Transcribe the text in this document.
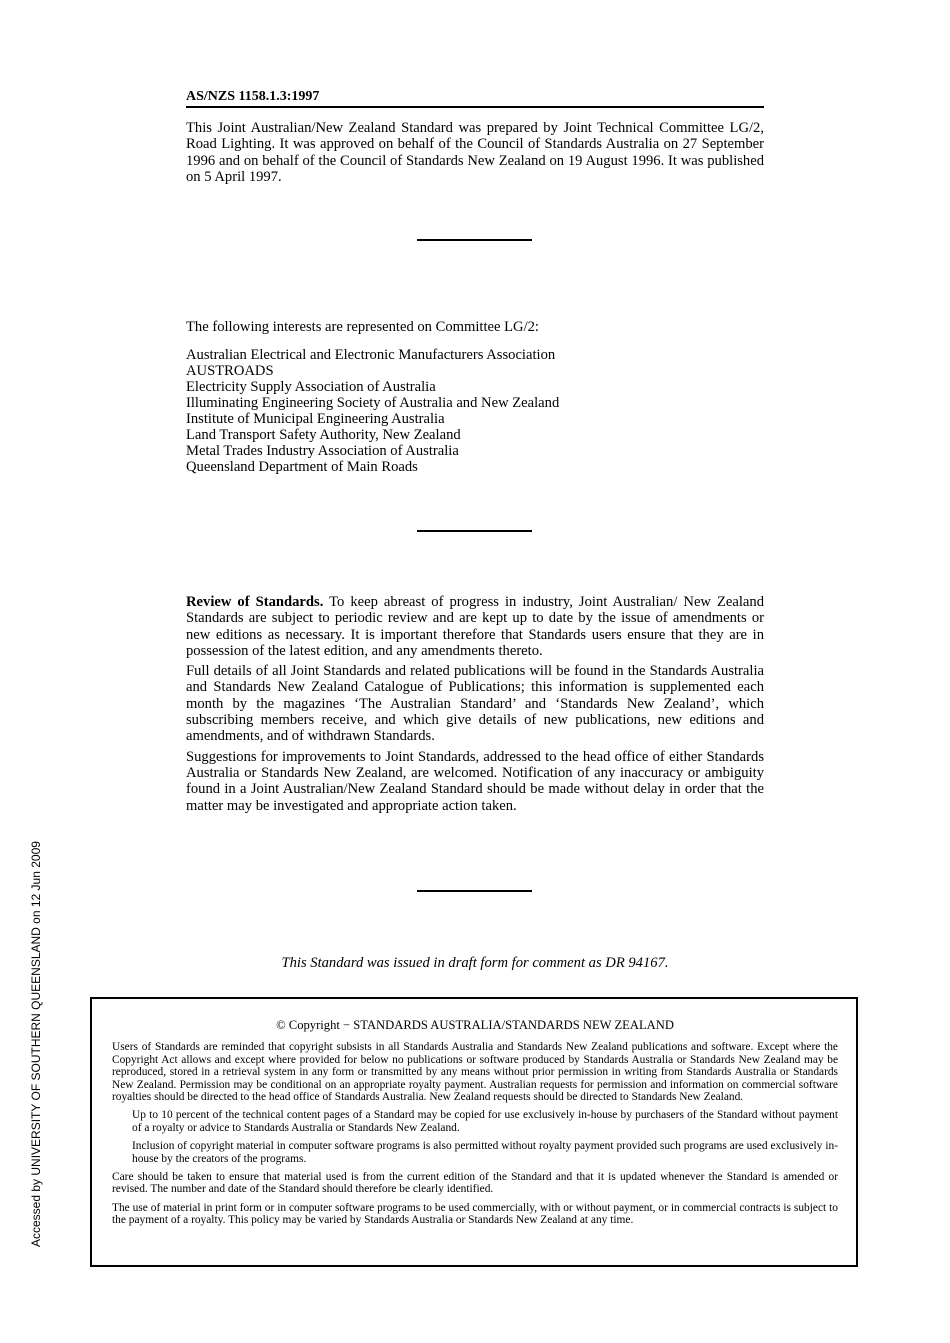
AS/NZS 1158.1.3:1997

This Joint Australian/New Zealand Standard was prepared by Joint Technical Committee LG/2, Road Lighting. It was approved on behalf of the Council of Standards Australia on 27 September 1996 and on behalf of the Council of Standards New Zealand on 19 August 1996. It was published on 5 April 1997.

The following interests are represented on Committee LG/2:

Australian Electrical and Electronic Manufacturers Association
AUSTROADS
Electricity Supply Association of Australia
Illuminating Engineering Society of Australia and New Zealand
Institute of Municipal Engineering Australia
Land Transport Safety Authority, New Zealand
Metal Trades Industry Association of Australia
Queensland Department of Main Roads

Review of Standards. To keep abreast of progress in industry, Joint Australian/ New Zealand Standards are subject to periodic review and are kept up to date by the issue of amendments or new editions as necessary. It is important therefore that Standards users ensure that they are in possession of the latest edition, and any amendments thereto.

Full details of all Joint Standards and related publications will be found in the Standards Australia and Standards New Zealand Catalogue of Publications; this information is supplemented each month by the magazines ‘The Australian Standard’ and ‘Standards New Zealand’, which subscribing members receive, and which give details of new publications, new editions and amendments, and of withdrawn Standards.

Suggestions for improvements to Joint Standards, addressed to the head office of either Standards Australia or Standards New Zealand, are welcomed. Notification of any inaccuracy or ambiguity found in a Joint Australian/New Zealand Standard should be made without delay in order that the matter may be investigated and appropriate action taken.

This Standard was issued in draft form for comment as DR 94167.

© Copyright − STANDARDS AUSTRALIA/STANDARDS NEW ZEALAND

Users of Standards are reminded that copyright subsists in all Standards Australia and Standards New Zealand publications and software. Except where the Copyright Act allows and except where provided for below no publications or software produced by Standards Australia or Standards New Zealand may be reproduced, stored in a retrieval system in any form or transmitted by any means without prior permission in writing from Standards Australia or Standards New Zealand. Permission may be conditional on an appropriate royalty payment. Australian requests for permission and information on commercial software royalties should be directed to the head office of Standards Australia. New Zealand requests should be directed to Standards New Zealand.

Up to 10 percent of the technical content pages of a Standard may be copied for use exclusively in-house by purchasers of the Standard without payment of a royalty or advice to Standards Australia or Standards New Zealand.

Inclusion of copyright material in computer software programs is also permitted without royalty payment provided such programs are used exclusively in-house by the creators of the programs.

Care should be taken to ensure that material used is from the current edition of the Standard and that it is updated whenever the Standard is amended or revised. The number and date of the Standard should therefore be clearly identified.

The use of material in print form or in computer software programs to be used commercially, with or without payment, or in commercial contracts is subject to the payment of a royalty. This policy may be varied by Standards Australia or Standards New Zealand at any time.

Accessed by UNIVERSITY OF SOUTHERN QUEENSLAND on 12 Jun 2009
